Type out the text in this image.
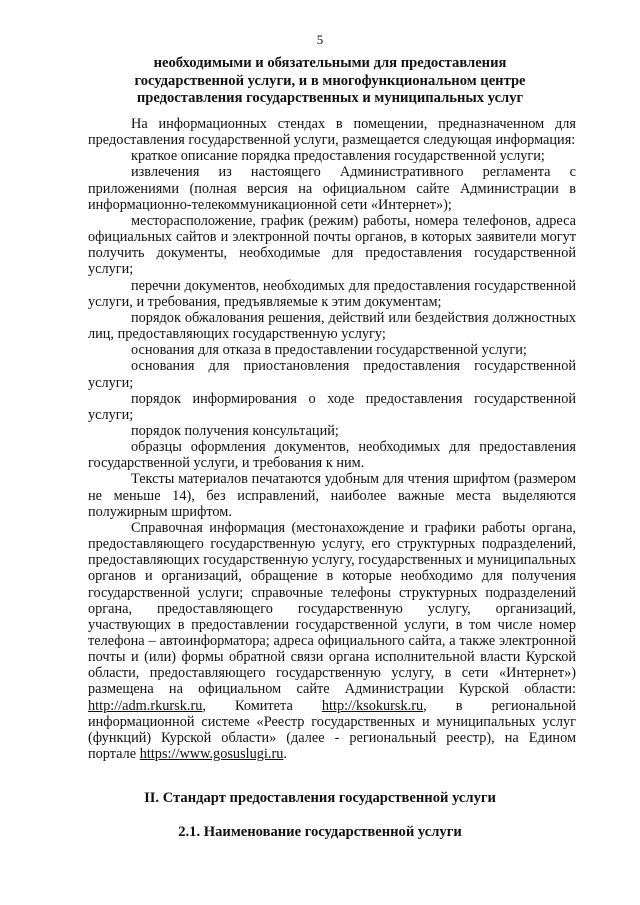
5
необходимыми и обязательными для предоставления
государственной услуги, и в многофункциональном центре
предоставления государственных и муниципальных услуг

На информационных стендах в помещении, предназначенном для предоставления государственной услуги, размещается следующая информация:

краткое описание порядка предоставления государственной услуги;

извлечения из настоящего Административного регламента с приложениями (полная версия на официальном сайте Администрации в информационно-телекоммуникационной сети «Интернет»);

месторасположение, график (режим) работы, номера телефонов, адреса официальных сайтов и электронной почты органов, в которых заявители могут получить документы, необходимые для предоставления государственной услуги;

перечни документов, необходимых для предоставления государственной услуги, и требования, предъявляемые к этим документам;

порядок обжалования решения, действий или бездействия должностных лиц, предоставляющих государственную услугу;

основания для отказа в предоставлении государственной услуги;

основания для приостановления предоставления государственной услуги;

порядок информирования о ходе предоставления государственной услуги;

порядок получения консультаций;

образцы оформления документов, необходимых для предоставления государственной услуги, и требования к ним.

Тексты материалов печатаются удобным для чтения шрифтом (размером не меньше 14), без исправлений, наиболее важные места выделяются полужирным шрифтом.

Справочная информация (местонахождение и графики работы органа, предоставляющего государственную услугу, его структурных подразделений, предоставляющих государственную услугу, государственных и муниципальных органов и организаций, обращение в которые необходимо для получения государственной услуги; справочные телефоны структурных подразделений органа, предоставляющего государственную услугу, организаций, участвующих в предоставлении государственной услуги, в том числе номер телефона – автоинформатора; адреса официального сайта, а также электронной почты и (или) формы обратной связи органа исполнительной власти Курской области, предоставляющего государственную услугу, в сети «Интернет») размещена на официальном сайте Администрации Курской области: http://adm.rkursk.ru, Комитета http://ksokursk.ru, в региональной информационной системе «Реестр государственных и муниципальных услуг (функций) Курской области» (далее - региональный реестр), на Едином портале https://www.gosuslugi.ru.

II. Стандарт предоставления государственной услуги
2.1. Наименование государственной услуги
